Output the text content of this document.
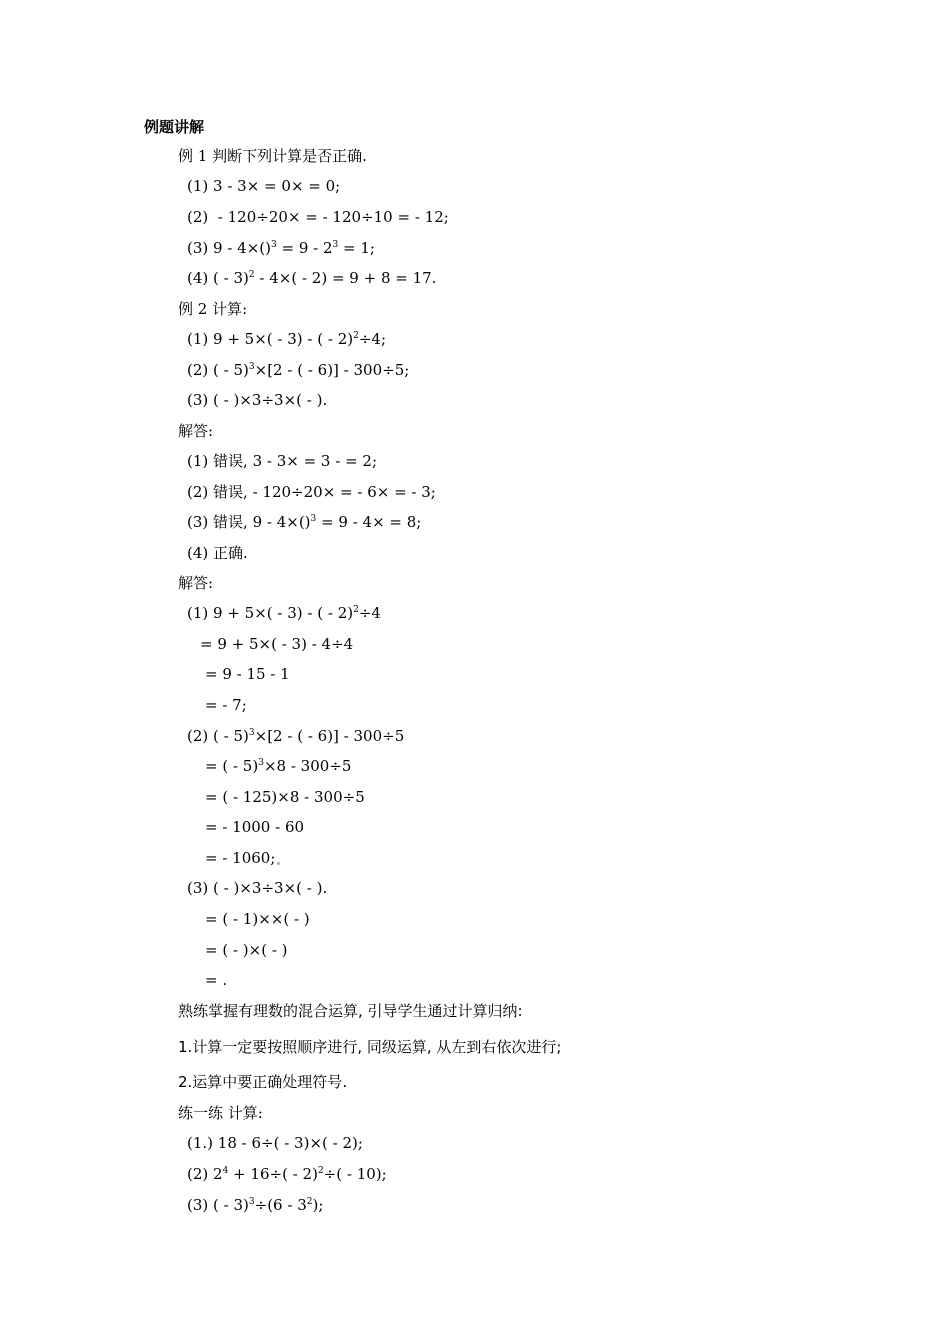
例题讲解
例 1 判断下列计算是否正确.
(1) 3 - 3× = 0× = 0;
(2)  - 120÷20× = - 120÷10 = - 12;
(3) $9 - 4\times()^3 = 9 - 2^3 = 1$;
(4) ( - 3)$^2$ - 4×( - 2) = 9 + 8 = 17.
例 2 计算:
(1) 9 + 5×( - 3) - ( - 2)$^2$÷4;
(2) ( - 5)$^3$×[2 - ( - 6)] - 300÷5;
(3) ( - )×3÷3×( - ).
解答:
(1) 错误, 3 - 3× = 3 - = 2;
(2) 错误, - 120÷20× = - 6× = - 3;
(3) 错误, 9 - 4×()$^3$ = 9 - 4× = 8;
(4) 正确.
解答:
(1) 9 + 5×( - 3) - ( - 2)$^2$÷4
= 9 + 5×( - 3) - 4÷4
= 9 - 15 - 1
= - 7;
(2) ( - 5)$^3$×[2 - ( - 6)] - 300÷5
= ( - 5)$^3$×8 - 300÷5
= ( - 125)×8 - 300÷5
= - 1000 - 60
= - 1060;
(3) ( - )×3÷3×( - ).
= ( - 1)××( - )
= ( - )×( - )
= .
熟练掌握有理数的混合运算, 引导学生通过计算归纳:
1.计算一定要按照顺序进行, 同级运算, 从左到右依次进行;
2.运算中要正确处理符号.
练一练 计算:
(1.) 18 - 6÷( - 3)×( - 2);
(2) $2^4 + 16\div( - 2)^2\div( - 10)$;
(3) ( - $3)^3\div(6 - 3^2)$;
